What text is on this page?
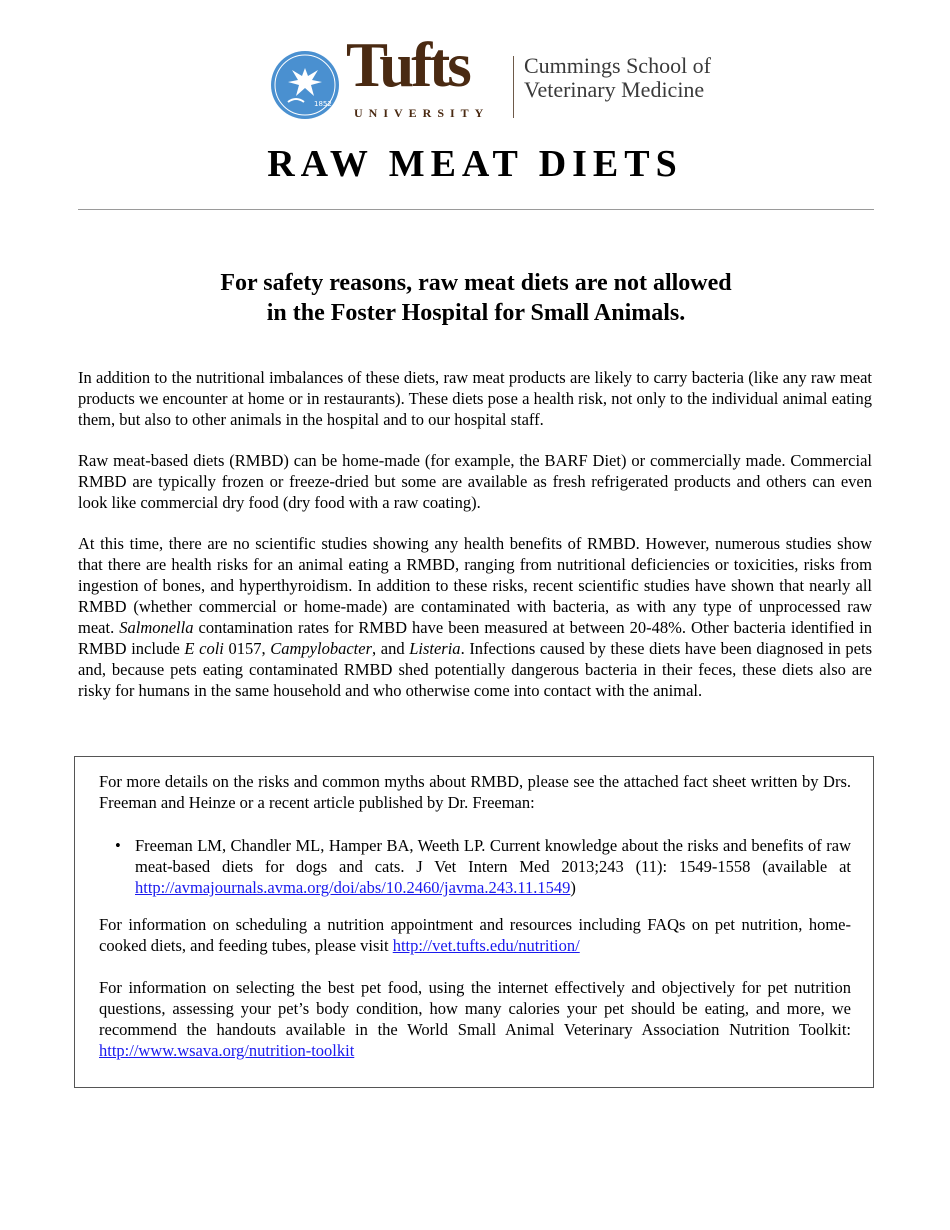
1852
Tufts
UNIVERSITY
Cummings School of
Veterinary Medicine
RAW MEAT DIETS
For safety reasons, raw meat diets are not allowed
in the Foster Hospital for Small Animals.

In addition to the nutritional imbalances of these diets, raw meat products are likely to carry bacteria (like any raw meat products we encounter at home or in restaurants). These diets pose a health risk, not only to the individual animal eating them, but also to other animals in the hospital and to our hospital staff.

Raw meat-based diets (RMBD) can be home-made (for example, the BARF Diet) or commercially made. Commercial RMBD are typically frozen or freeze-dried but some are available as fresh refrigerated products and others can even look like commercial dry food (dry food with a raw coating).

At this time, there are no scientific studies showing any health benefits of RMBD. However, numerous studies show that there are health risks for an animal eating a RMBD, ranging from nutritional deficiencies or toxicities, risks from ingestion of bones, and hyperthyroidism. In addition to these risks, recent scientific studies have shown that nearly all RMBD (whether commercial or home-made) are contaminated with bacteria, as with any type of unprocessed raw meat. Salmonella contamination rates for RMBD have been measured at between 20-48%. Other bacteria identified in RMBD include E coli 0157, Campylobacter, and Listeria. Infections caused by these diets have been diagnosed in pets and, because pets eating contaminated RMBD shed potentially dangerous bacteria in their feces, these diets also are risky for humans in the same household and who otherwise come into contact with the animal.

For more details on the risks and common myths about RMBD, please see the attached fact sheet written by Drs. Freeman and Heinze or a recent article published by Dr. Freeman:

• Freeman LM, Chandler ML, Hamper BA, Weeth LP. Current knowledge about the risks and benefits of raw meat-based diets for dogs and cats. J Vet Intern Med 2013;243 (11): 1549-1558 (available at http://avmajournals.avma.org/doi/abs/10.2460/javma.243.11.1549)

For information on scheduling a nutrition appointment and resources including FAQs on pet nutrition, home-cooked diets, and feeding tubes, please visit http://vet.tufts.edu/nutrition/

For information on selecting the best pet food, using the internet effectively and objectively for pet nutrition questions, assessing your pet’s body condition, how many calories your pet should be eating, and more, we recommend the handouts available in the World Small Animal Veterinary Association Nutrition Toolkit: http://www.wsava.org/nutrition-toolkit
